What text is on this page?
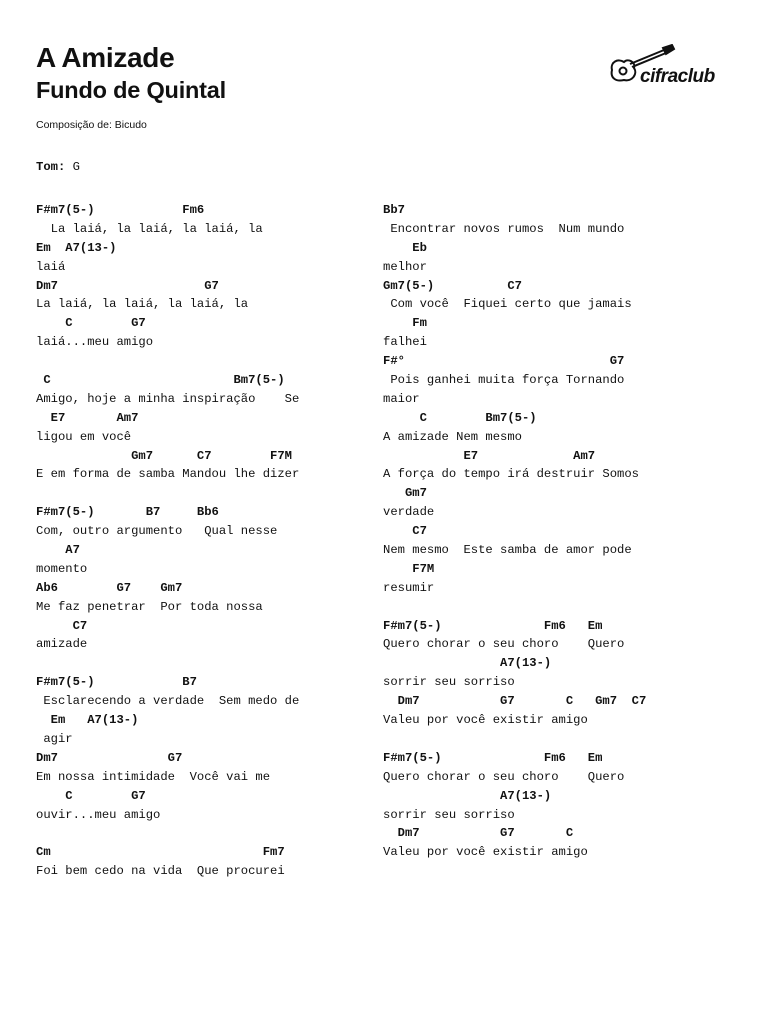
A Amizade
Fundo de Quintal
Composição de: Bicudo
cifraclub
Tom: G
F#m7(5-)            Fm6
La laiá, la laiá, la laiá, la
Em  A7(13-)
laiá
Dm7                    G7
La laiá, la laiá, la laiá, la
C        G7
laiá...meu amigo
C                         Bm7(5-)
Amigo, hoje a minha inspiração    Se
E7       Am7
ligou em você
Gm7      C7        F7M
E em forma de samba Mandou lhe dizer
F#m7(5-)       B7     Bb6
Com, outro argumento   Qual nesse
A7
momento
Ab6        G7    Gm7
Me faz penetrar  Por toda nossa
C7
amizade
F#m7(5-)            B7
Esclarecendo a verdade  Sem medo de
Em   A7(13-)
agir
Dm7               G7
Em nossa intimidade  Você vai me
C        G7
ouvir...meu amigo
Cm                             Fm7
Foi bem cedo na vida  Que procurei
Bb7
Encontrar novos rumos  Num mundo
Eb
melhor
Gm7(5-)          C7
Com você  Fiquei certo que jamais
Fm
falhei
F#°                            G7
Pois ganhei muita força Tornando
maior
C        Bm7(5-)
A amizade Nem mesmo
E7             Am7
A força do tempo irá destruir Somos
Gm7
verdade
C7
Nem mesmo  Este samba de amor pode
F7M
resumir
F#m7(5-)              Fm6   Em
Quero chorar o seu choro    Quero
A7(13-)
sorrir seu sorriso
Dm7           G7       C   Gm7  C7
Valeu por você existir amigo
F#m7(5-)              Fm6   Em
Quero chorar o seu choro    Quero
A7(13-)
sorrir seu sorriso
Dm7           G7       C
Valeu por você existir amigo
